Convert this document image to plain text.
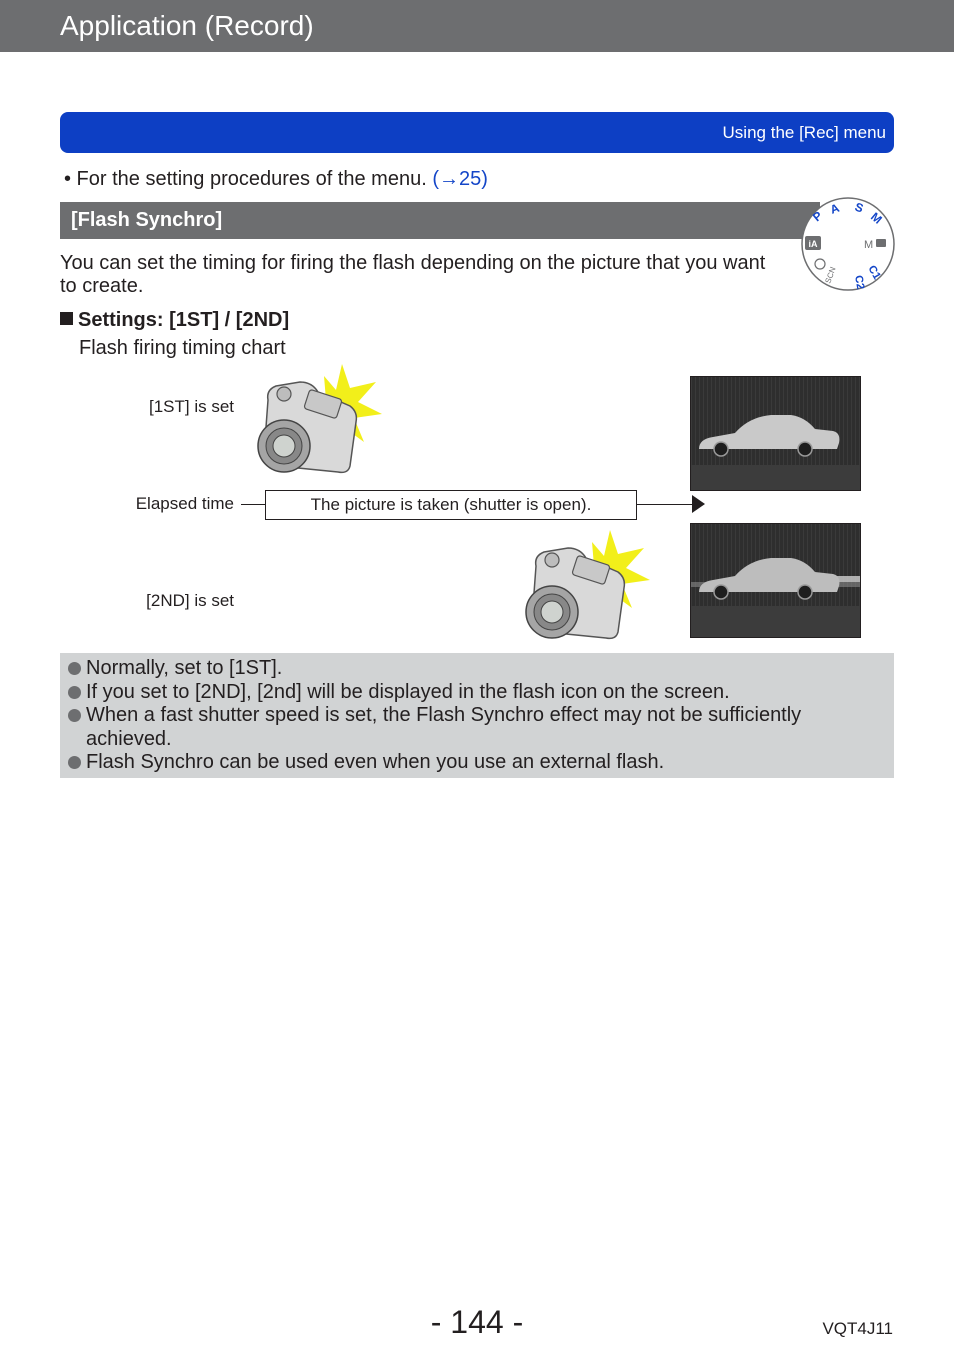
Application (Record)
Using the [Rec] menu
• For the setting procedures of the menu. (→25)
[Flash Synchro]	P A S
M
iA	M
C1
C2
SCN
You can set the timing for firing the flash depending on the picture that you want to create.
Settings: [1ST] / [2ND]
Flash firing timing chart
[1ST] is set
Elapsed time
[2ND] is set
The picture is taken (shutter is open).
Normally, set to [1ST].
If you set to [2ND], [2nd] will be displayed in the flash icon on the screen.
When a fast shutter speed is set, the Flash Synchro effect may not be sufficiently achieved.
Flash Synchro can be used even when you use an external flash.
- 144 -	VQT4J11
